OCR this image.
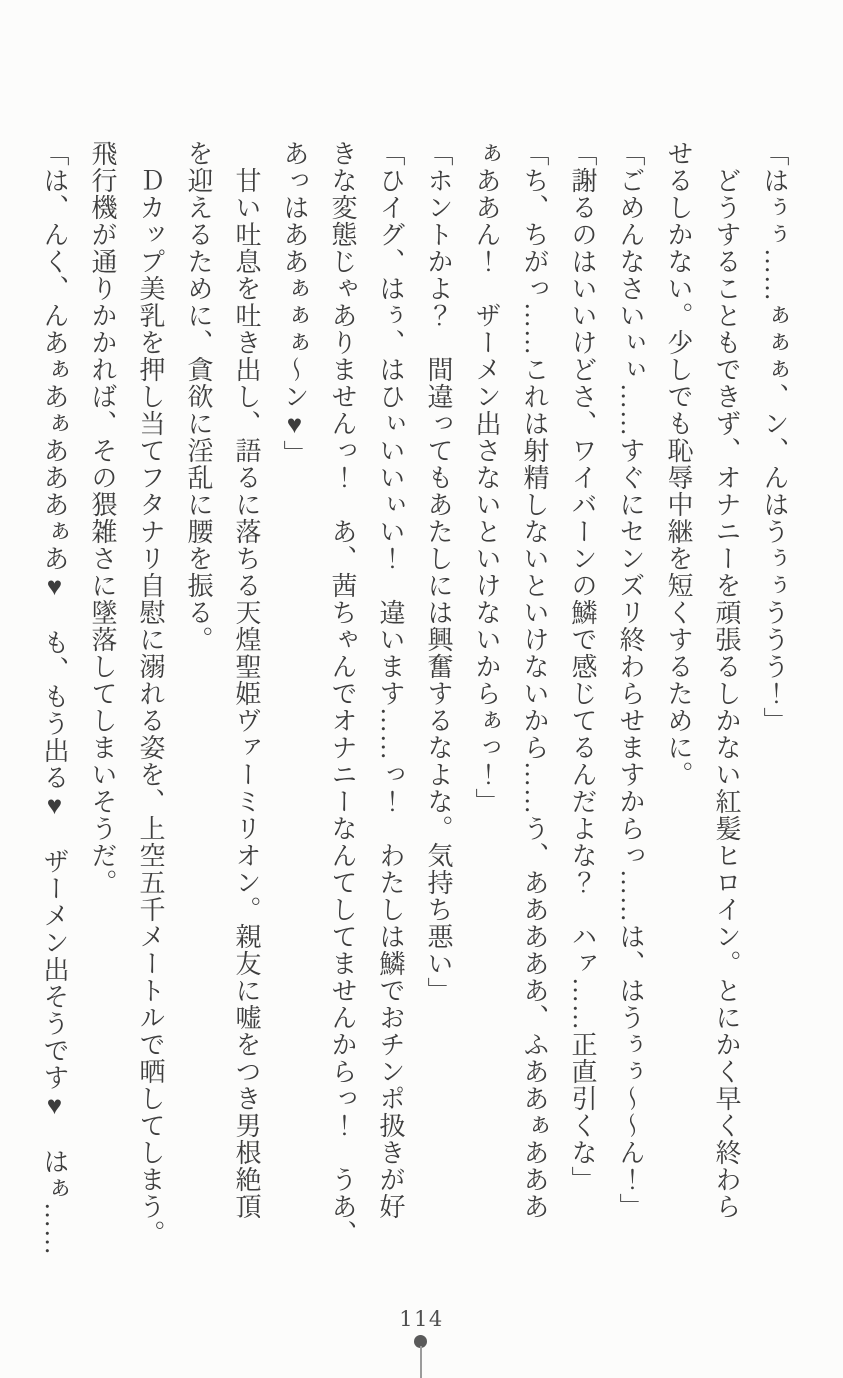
「はぅぅ……ぁぁぁ、ン、んはうぅぅううう！」

　どうすることもできず、オナニーを頑張るしかない紅髪ヒロイン。とにかく早く終わら

せるしかない。少しでも恥辱中継を短くするために。

「ごめんなさいぃぃ……すぐにセンズリ終わらせますからっ……は、はうぅぅ～～ん！」

「謝るのはいいけどさ、ワイバーンの鱗で感じてるんだよな？　ハァ……正直引くな」

「ち、ちがっ……これは射精しないといけないから……う、あああああ、ふああぁあああ

ぁああん！　ザーメン出さないといけないからぁっ！」

「ホントかよ？　間違ってもあたしには興奮するなよな。気持ち悪い」

「ひイグ、はぅ、はひぃいいぃい！　違います……っ！　わたしは鱗でおチンポ扱きが好

きな変態じゃありませんっ！　あ、茜ちゃんでオナニーなんてしてませんからっ！　うあ、

あっはああぁぁぁ～ン♥」

　甘い吐息を吐き出し、語るに落ちる天煌聖姫ヴァーミリオン。親友に嘘をつき男根絶頂

を迎えるために、貪欲に淫乱に腰を振る。

　Ｄカップ美乳を押し当てフタナリ自慰に溺れる姿を、上空五千メートルで晒してしまう。

飛行機が通りかかれば、その猥雑さに墜落してしまいそうだ。

「は、んく、んあぁあぁあああぁあ♥　も、もう出る♥　ザーメン出そうです♥　はぁ……

114
